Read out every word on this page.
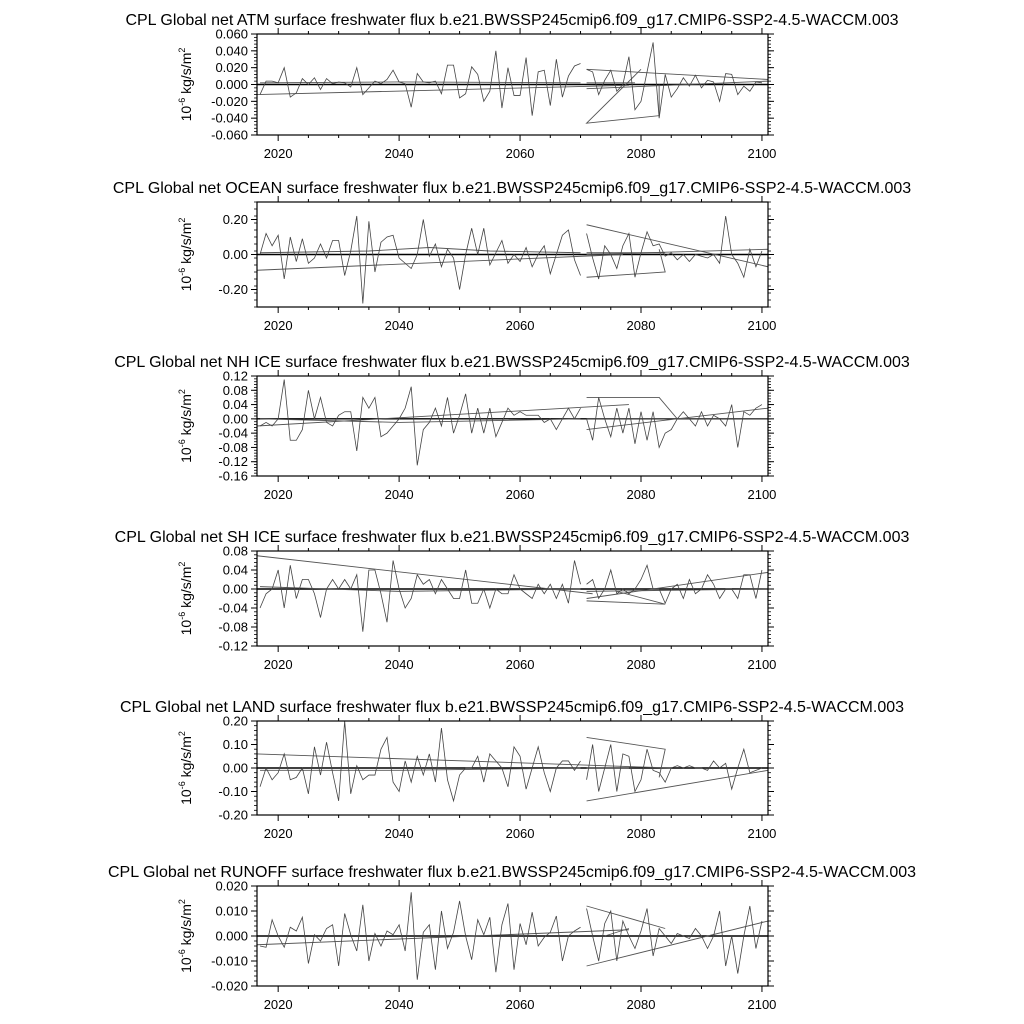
CPL Global net ATM surface freshwater flux b.e21.BWSSP245cmip6.f09_g17.CMIP6-SSP2-4.5-WACCM.003
2020	2040	2060	2080	2100
-0.060
-0.040
-0.020
0.000
0.020
0.040
0.060
$10^{-6}$ $kg/s/m^2$
CPL Global net OCEAN surface freshwater flux b.e21.BWSSP245cmip6.f09_g17.CMIP6-SSP2-4.5-WACCM.003
2020	2040	2060	2080	2100
-0.20
0.00
0.20
$10^{-6}$ $kg/s/m^2$
CPL Global net NH ICE surface freshwater flux b.e21.BWSSP245cmip6.f09_g17.CMIP6-SSP2-4.5-WACCM.003
2020	2040	2060	2080	2100
-0.16
-0.12
-0.08
-0.04
0.00
0.04
0.08
0.12
$10^{-6}$ $kg/s/m^2$
CPL Global net SH ICE surface freshwater flux b.e21.BWSSP245cmip6.f09_g17.CMIP6-SSP2-4.5-WACCM.003
2020	2040	2060	2080	2100
-0.12
-0.08
-0.04
0.00
0.04
0.08
$10^{-6}$ $kg/s/m^2$
CPL Global net LAND surface freshwater flux b.e21.BWSSP245cmip6.f09_g17.CMIP6-SSP2-4.5-WACCM.003
2020	2040	2060	2080	2100
-0.20
-0.10
0.00
0.10
0.20
$10^{-6}$ $kg/s/m^2$
CPL Global net RUNOFF surface freshwater flux b.e21.BWSSP245cmip6.f09_g17.CMIP6-SSP2-4.5-WACCM.003
2020	2040	2060	2080	2100
-0.020
-0.010
0.000
0.010
0.020
$10^{-6}$ $kg/s/m^2$
